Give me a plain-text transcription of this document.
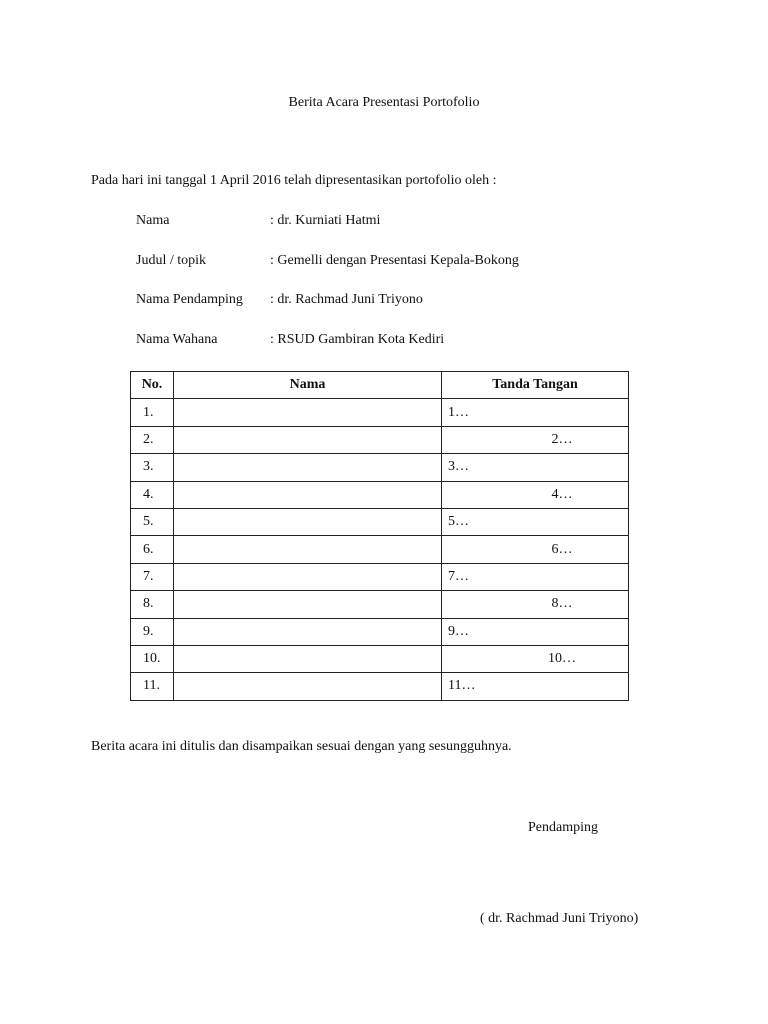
Berita Acara Presentasi Portofolio
Pada hari ini tanggal 1 April 2016 telah dipresentasikan portofolio oleh :
Nama	: dr. Kurniati Hatmi
Judul / topik	: Gemelli dengan Presentasi Kepala-Bokong
Nama Pendamping : dr. Rachmad Juni Triyono
Nama Wahana	: RSUD Gambiran Kota Kediri
No.	Nama	Tanda Tangan
1.		1…
2.		2…
3.		3…
4.		4…
5.		5…
6.		6…
7.		7…
8.		8…
9.		9…
10.		10…
11.		11…
Berita acara ini ditulis dan disampaikan sesuai dengan yang sesungguhnya.
Pendamping
( dr. Rachmad Juni Triyono)
